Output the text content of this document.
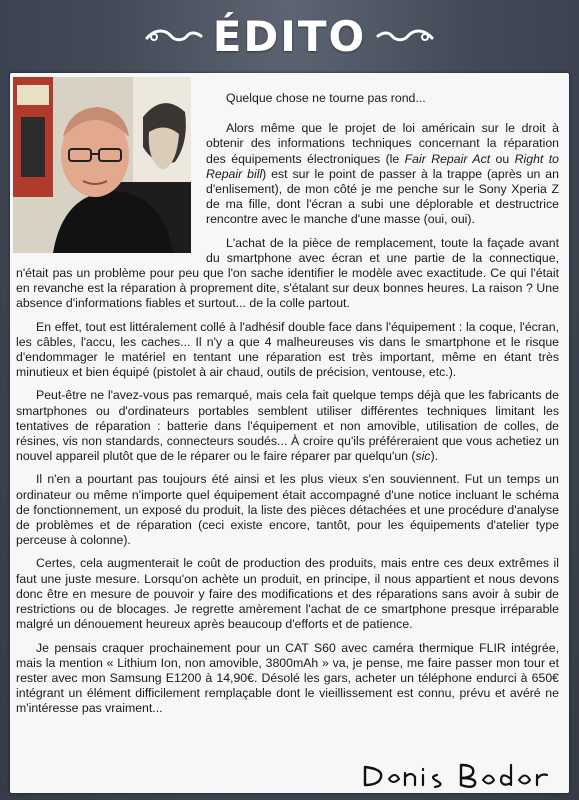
ÉDITO

Quelque chose ne tourne pas rond...

Alors même que le projet de loi américain sur le droit à obtenir des informations techniques concernant la réparation des équipements électroniques (le Fair Repair Act ou Right to Repair bill) est sur le point de passer à la trappe (après un an d'enlisement), de mon côté je me penche sur le Sony Xperia Z de ma fille, dont l'écran a subi une déplorable et destructrice rencontre avec le manche d'une masse (oui, oui).

L'achat de la pièce de remplacement, toute la façade avant du smartphone avec écran et une partie de la connectique, n'était pas un problème pour peu que l'on sache identifier le modèle avec exactitude. Ce qui l'était en revanche est la réparation à proprement dite, s'étalant sur deux bonnes heures. La raison ? Une absence d'informations fiables et surtout... de la colle partout.

En effet, tout est littéralement collé à l'adhésif double face dans l'équipement : la coque, l'écran, les câbles, l'accu, les caches... Il n'y a que 4 malheureuses vis dans le smartphone et le risque d'endommager le matériel en tentant une réparation est très important, même en étant très minutieux et bien équipé (pistolet à air chaud, outils de précision, ventouse, etc.).

Peut-être ne l'avez-vous pas remarqué, mais cela fait quelque temps déjà que les fabricants de smartphones ou d'ordinateurs portables semblent utiliser différentes techniques limitant les tentatives de réparation : batterie dans l'équipement et non amovible, utilisation de colles, de résines, vis non standards, connecteurs soudés... À croire qu'ils préféreraient que vous achetiez un nouvel appareil plutôt que de le réparer ou le faire réparer par quelqu'un (sic).

Il n'en a pourtant pas toujours été ainsi et les plus vieux s'en souviennent. Fut un temps un ordinateur ou même n'importe quel équipement était accompagné d'une notice incluant le schéma de fonctionnement, un exposé du produit, la liste des pièces détachées et une procédure d'analyse de problèmes et de réparation (ceci existe encore, tantôt, pour les équipements d'atelier type perceuse à colonne).

Certes, cela augmenterait le coût de production des produits, mais entre ces deux extrêmes il faut une juste mesure. Lorsqu'on achète un produit, en principe, il nous appartient et nous devons donc être en mesure de pouvoir y faire des modifications et des réparations sans avoir à subir de restrictions ou de blocages. Je regrette amèrement l'achat de ce smartphone presque irréparable malgré un dénouement heureux après beaucoup d'efforts et de patience.

Je pensais craquer prochainement pour un CAT S60 avec caméra thermique FLIR intégrée, mais la mention « Lithium Ion, non amovible, 3800mAh » va, je pense, me faire passer mon tour et rester avec mon Samsung E1200 à 14,90€. Désolé les gars, acheter un téléphone endurci à 650€ intégrant un élément difficilement remplaçable dont le vieillissement est connu, prévu et avéré ne m'intéresse pas vraiment...
